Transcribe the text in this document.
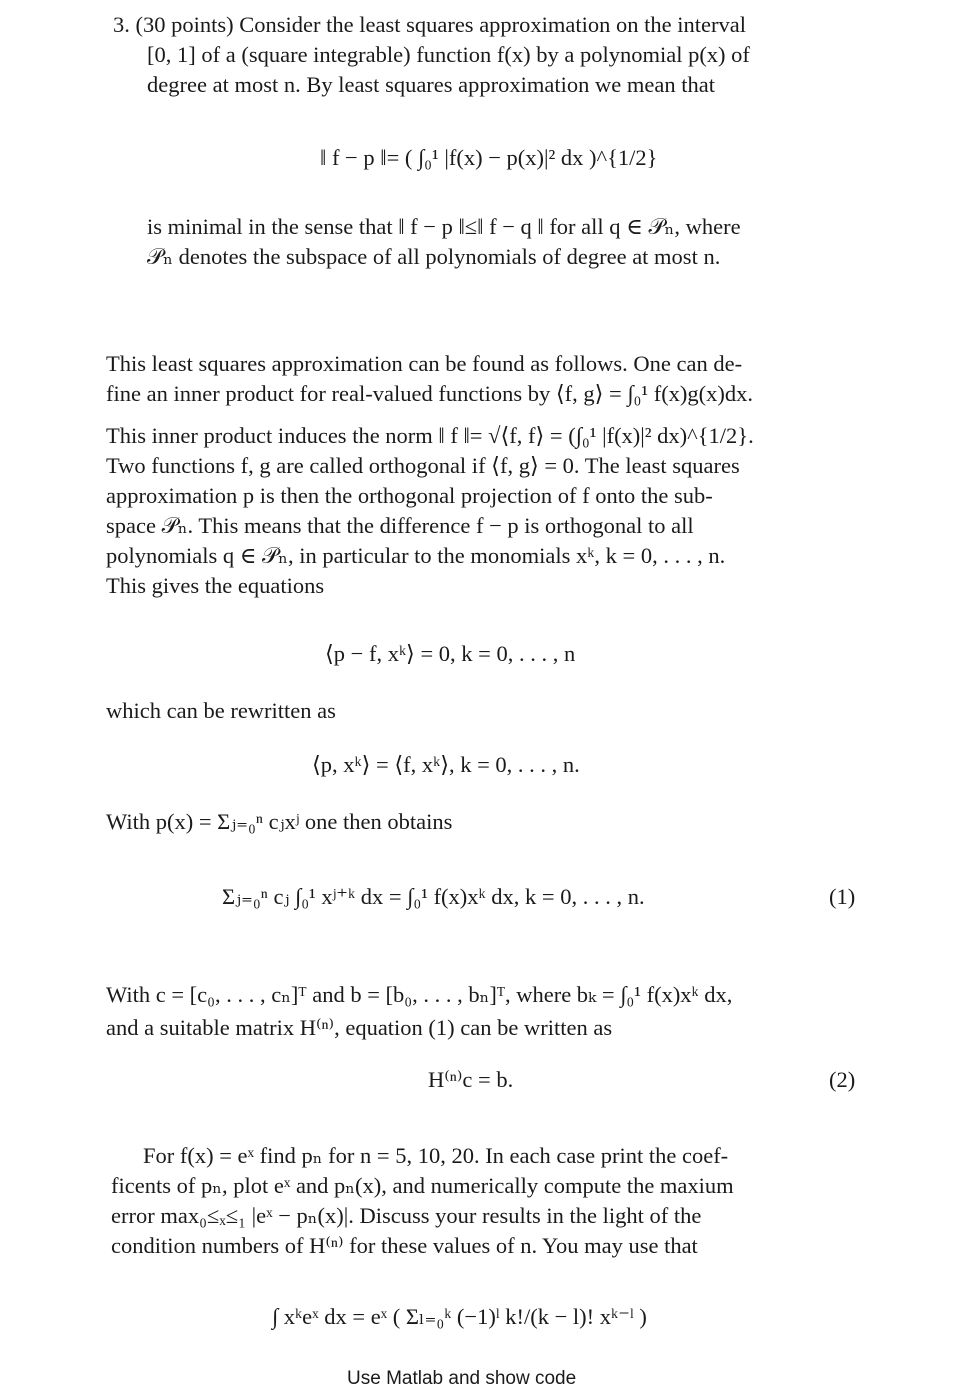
3. (30 points) Consider the least squares approximation on the interval

[0, 1] of a (square integrable) function f(x) by a polynomial p(x) of

degree at most n. By least squares approximation we mean that

‖ f − p ‖= ( ∫₀¹ |f(x) − p(x)|² dx )^{1/2}

is minimal in the sense that ‖ f − p ‖≤‖ f − q ‖ for all q ∈ 𝒫ₙ, where

𝒫ₙ denotes the subspace of all polynomials of degree at most n.

This least squares approximation can be found as follows. One can de-

fine an inner product for real-valued functions by ⟨f, g⟩ = ∫₀¹ f(x)g(x)dx.

This inner product induces the norm ‖ f ‖= √⟨f, f⟩ = (∫₀¹ |f(x)|² dx)^{1/2}.

Two functions f, g are called orthogonal if ⟨f, g⟩ = 0. The least squares

approximation p is then the orthogonal projection of f onto the sub-

space 𝒫ₙ. This means that the difference f − p is orthogonal to all

polynomials q ∈ 𝒫ₙ, in particular to the monomials xᵏ, k = 0, . . . , n.

This gives the equations

⟨p − f, xᵏ⟩ = 0, k = 0, . . . , n
which can be rewritten as
⟨p, xᵏ⟩ = ⟨f, xᵏ⟩, k = 0, . . . , n.
With p(x) = Σⱼ₌₀ⁿ cⱼxʲ one then obtains
Σⱼ₌₀ⁿ cⱼ ∫₀¹ xʲ⁺ᵏ dx = ∫₀¹ f(x)xᵏ dx, k = 0, . . . , n.	(1)

With c = [c₀, . . . , cₙ]ᵀ and b = [b₀, . . . , bₙ]ᵀ, where bₖ = ∫₀¹ f(x)xᵏ dx,

and a suitable matrix H⁽ⁿ⁾, equation (1) can be written as

H⁽ⁿ⁾c = b.	(2)

For f(x) = eˣ find pₙ for n = 5, 10, 20. In each case print the coef-

ficents of pₙ, plot eˣ and pₙ(x), and numerically compute the maxium

error max₀≤ₓ≤₁ |eˣ − pₙ(x)|. Discuss your results in the light of the

condition numbers of H⁽ⁿ⁾ for these values of n. You may use that

∫ xᵏeˣ dx = eˣ ( Σₗ₌₀ᵏ (−1)ˡ k!/(k − l)! xᵏ⁻ˡ )
Use Matlab and show code
